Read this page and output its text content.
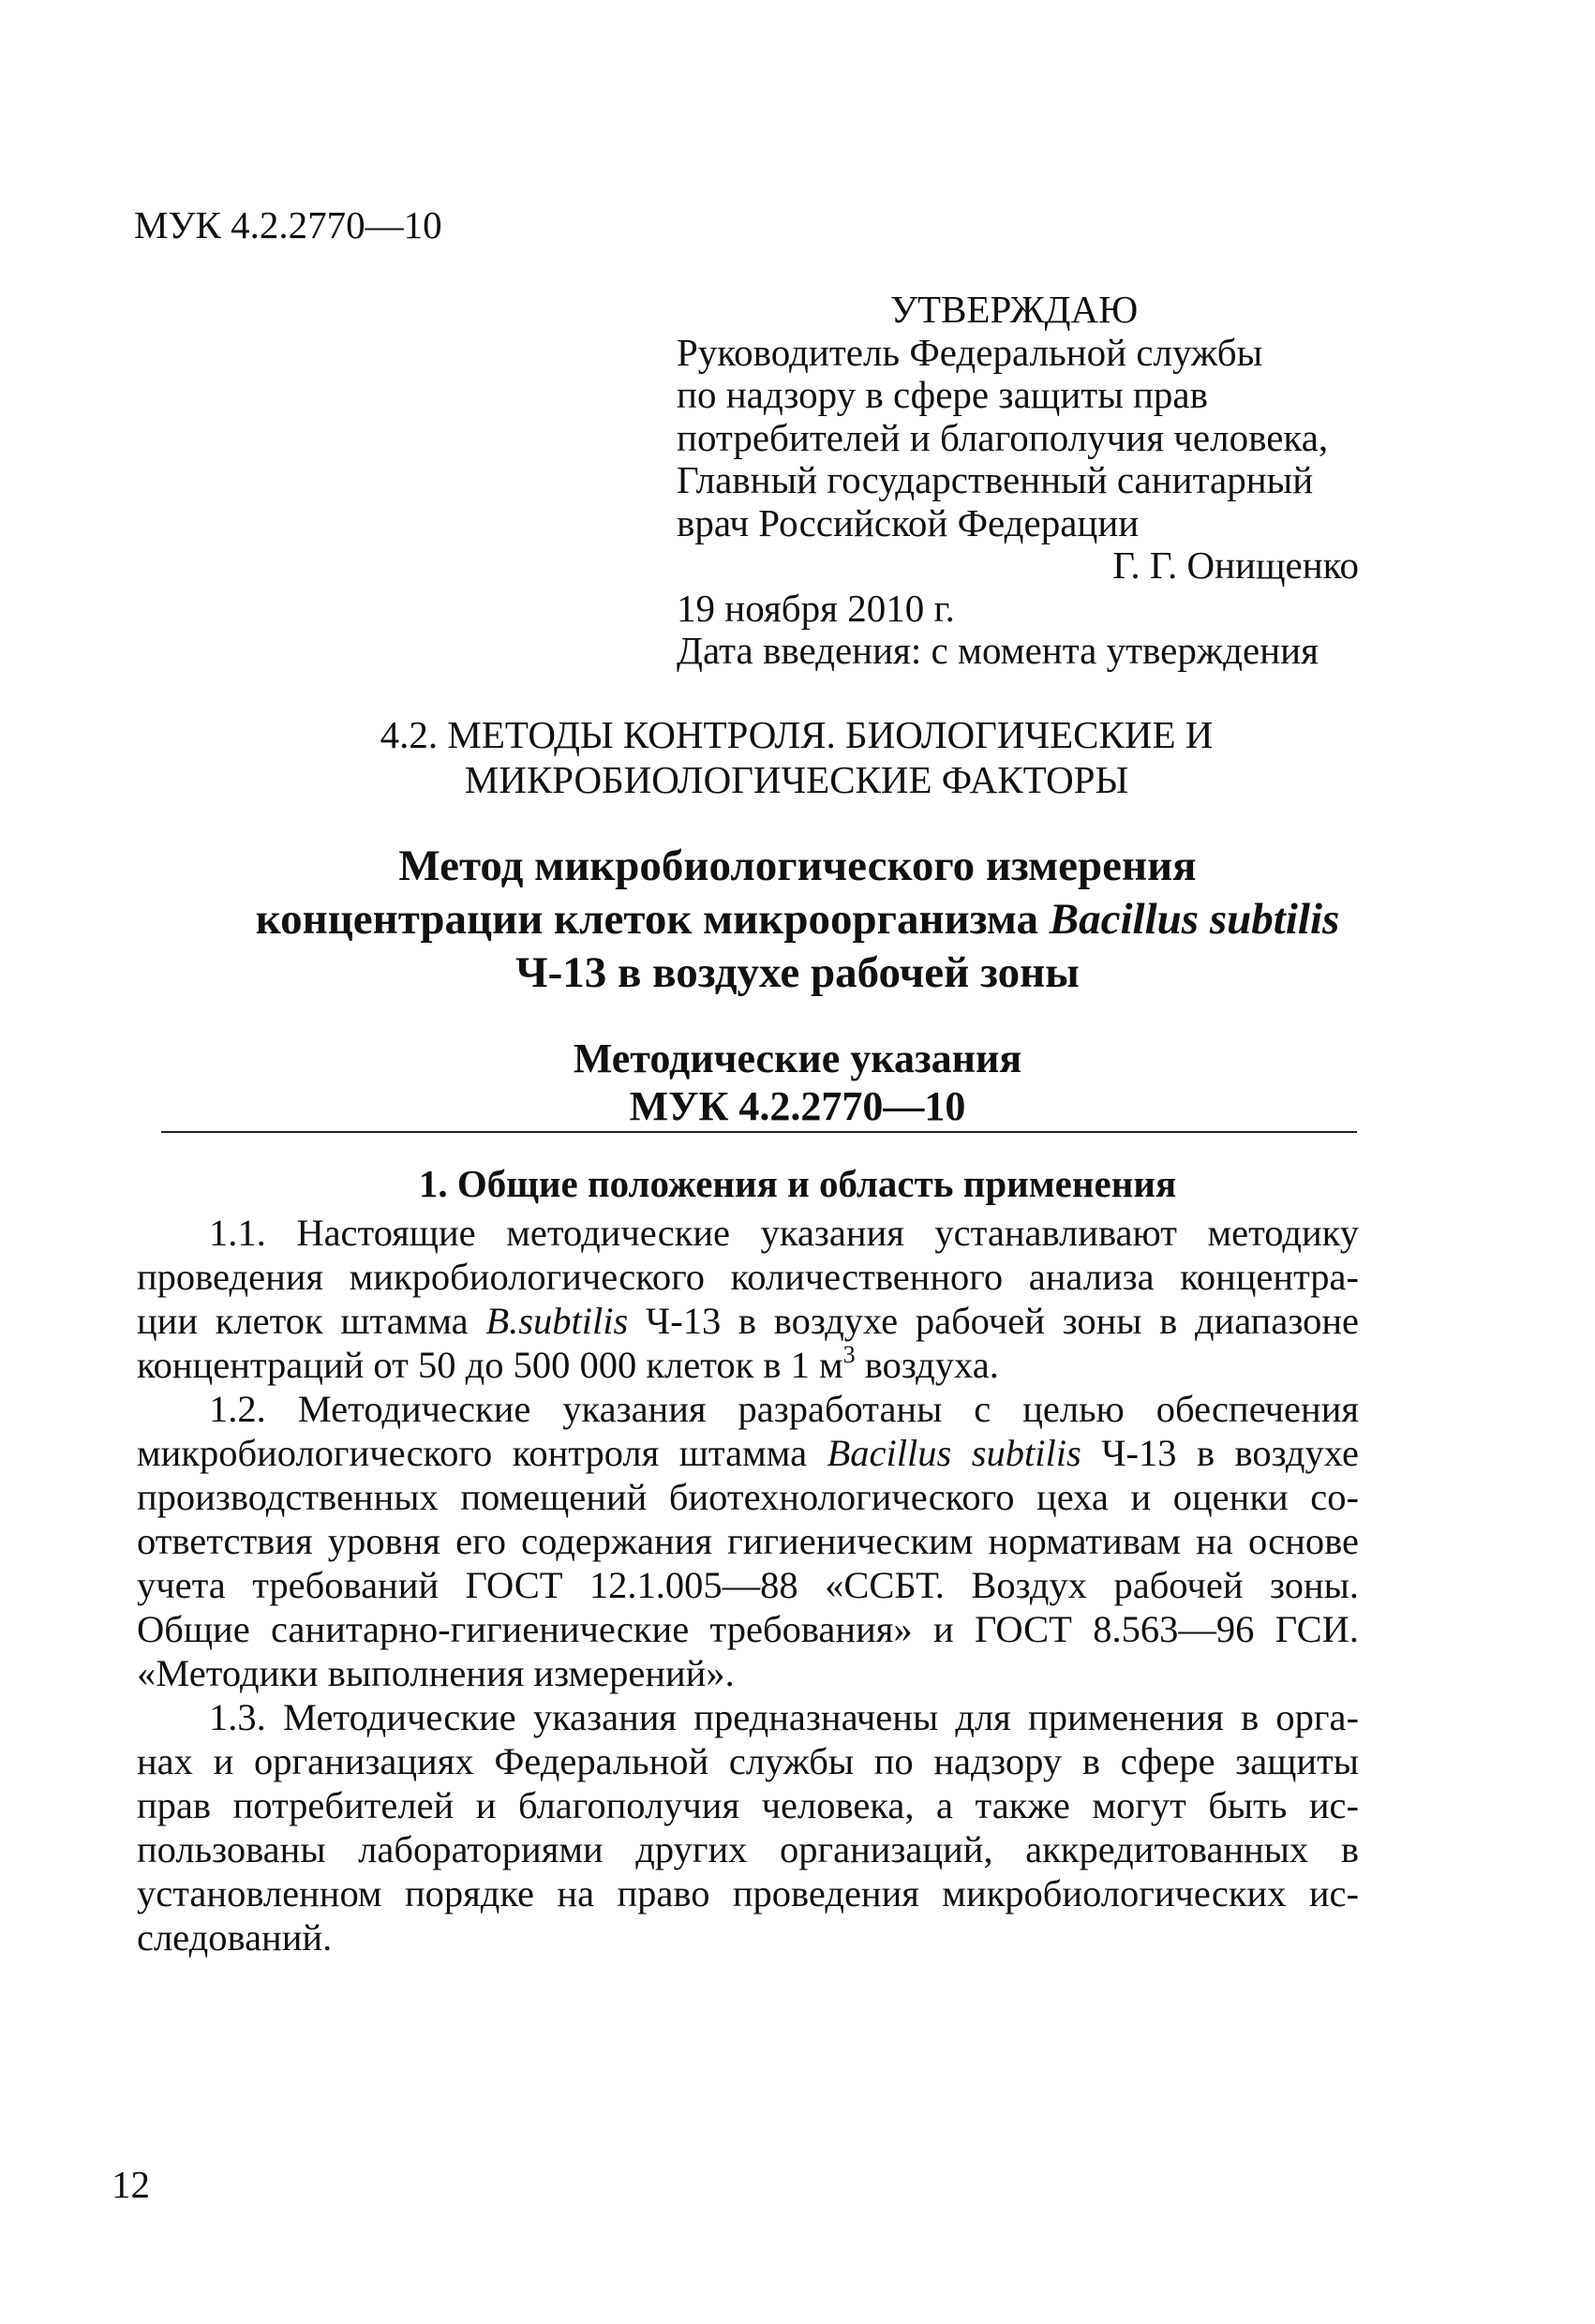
МУК 4.2.2770—10
УТВЕРЖДАЮ
Руководитель Федеральной службы
по надзору в сфере защиты прав
потребителей и благополучия человека,
Главный государственный санитарный
врач Российской Федерации
Г. Г. Онищенко
19 ноября 2010 г.
Дата введения: с момента утверждения
4.2. МЕТОДЫ КОНТРОЛЯ. БИОЛОГИЧЕСКИЕ И
МИКРОБИОЛОГИЧЕСКИЕ ФАКТОРЫ
Метод микробиологического измерения
концентрации клеток микроорганизма Bacillus subtilis
Ч-13 в воздухе рабочей зоны
Методические указания
МУК 4.2.2770—10
1. Общие положения и область применения
1.1. Настоящие методические указания устанавливают методику
проведения микробиологического количественного анализа концентра-
ции клеток штамма B.subtilis Ч-13 в воздухе рабочей зоны в диапазоне
концентраций от 50 до 500 000 клеток в 1 $м^3$ воздуха.
1.2. Методические указания разработаны с целью обеспечения
микробиологического контроля штамма Bacillus subtilis Ч-13 в воздухе
производственных помещений биотехнологического цеха и оценки со-
ответствия уровня его содержания гигиеническим нормативам на основе
учета требований ГОСТ 12.1.005—88 «ССБТ. Воздух рабочей зоны.
Общие санитарно-гигиенические требования» и ГОСТ 8.563—96 ГСИ.
«Методики выполнения измерений».
1.3. Методические указания предназначены для применения в орга-
нах и организациях Федеральной службы по надзору в сфере защиты
прав потребителей и благополучия человека, а также могут быть ис-
пользованы лабораториями других организаций, аккредитованных в
установленном порядке на право проведения микробиологических ис-
следований.
12
